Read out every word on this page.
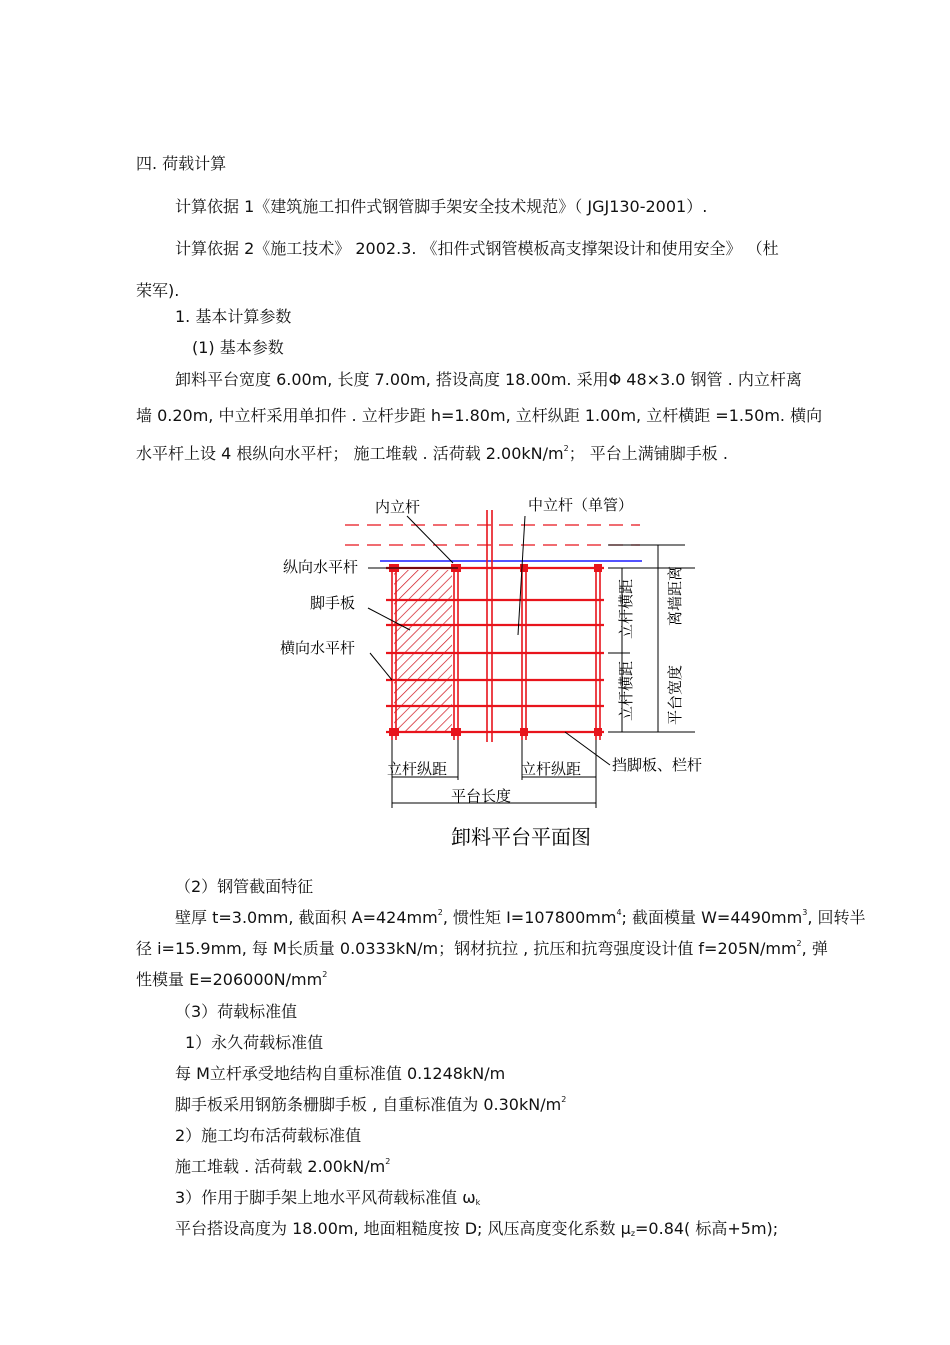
四. 荷载计算
计算依据 1《建筑施工扣件式钢管脚手架安全技术规范》（ JGJ130-2001）.
计算依据 2《施工技术》 2002.3. 《扣件式钢管模板高支撑架设计和使用安全》 （杜
荣军).
1. 基本计算参数
(1) 基本参数
卸料平台宽度 6.00m, 长度 7.00m, 搭设高度 18.00m. 采用Φ 48×3.0 钢管 . 内立杆离
墙 0.20m, 中立杆采用单扣件 . 立杆步距 h=1.80m, 立杆纵距 1.00m, 立杆横距 =1.50m. 横向
水平杆上设 4 根纵向水平杆； 施工堆载 . 活荷载 $2.00kN/m^2$； 平台上满铺脚手板 .
内立杆	中立杆（单管）
纵向水平杆
脚手板
横向水平杆
挡脚板、栏杆
立杆纵距	立杆纵距
平台长度
卸料平台平面图
立杆横距
立杆横距 平台宽度
离墙距离
（2）钢管截面特征
壁厚 t=3.0mm, 截面积 $A=424mm^2$, 惯性矩 $I=107800mm^4$; 截面模量 $W=4490mm^3$, 回转半
径 i=15.9mm, 每 M长质量 0.0333kN/m；钢材抗拉 , 抗压和抗弯强度设计值 $f=205N/mm^2$, 弹
性模量 $E=206000N/mm^2$
（3）荷载标准值
1）永久荷载标准值
每 M立杆承受地结构自重标准值 0.1248kN/m
脚手板采用钢筋条栅脚手板 , 自重标准值为 $0.30kN/m^2$
2）施工均布活荷载标准值
施工堆载 . 活荷载 $2.00kN/m^2$
3）作用于脚手架上地水平风荷载标准值 $\omega_k$
平台搭设高度为 18.00m, 地面粗糙度按 D; 风压高度变化系数 $\mu_z=0.84$( 标高+5m);
